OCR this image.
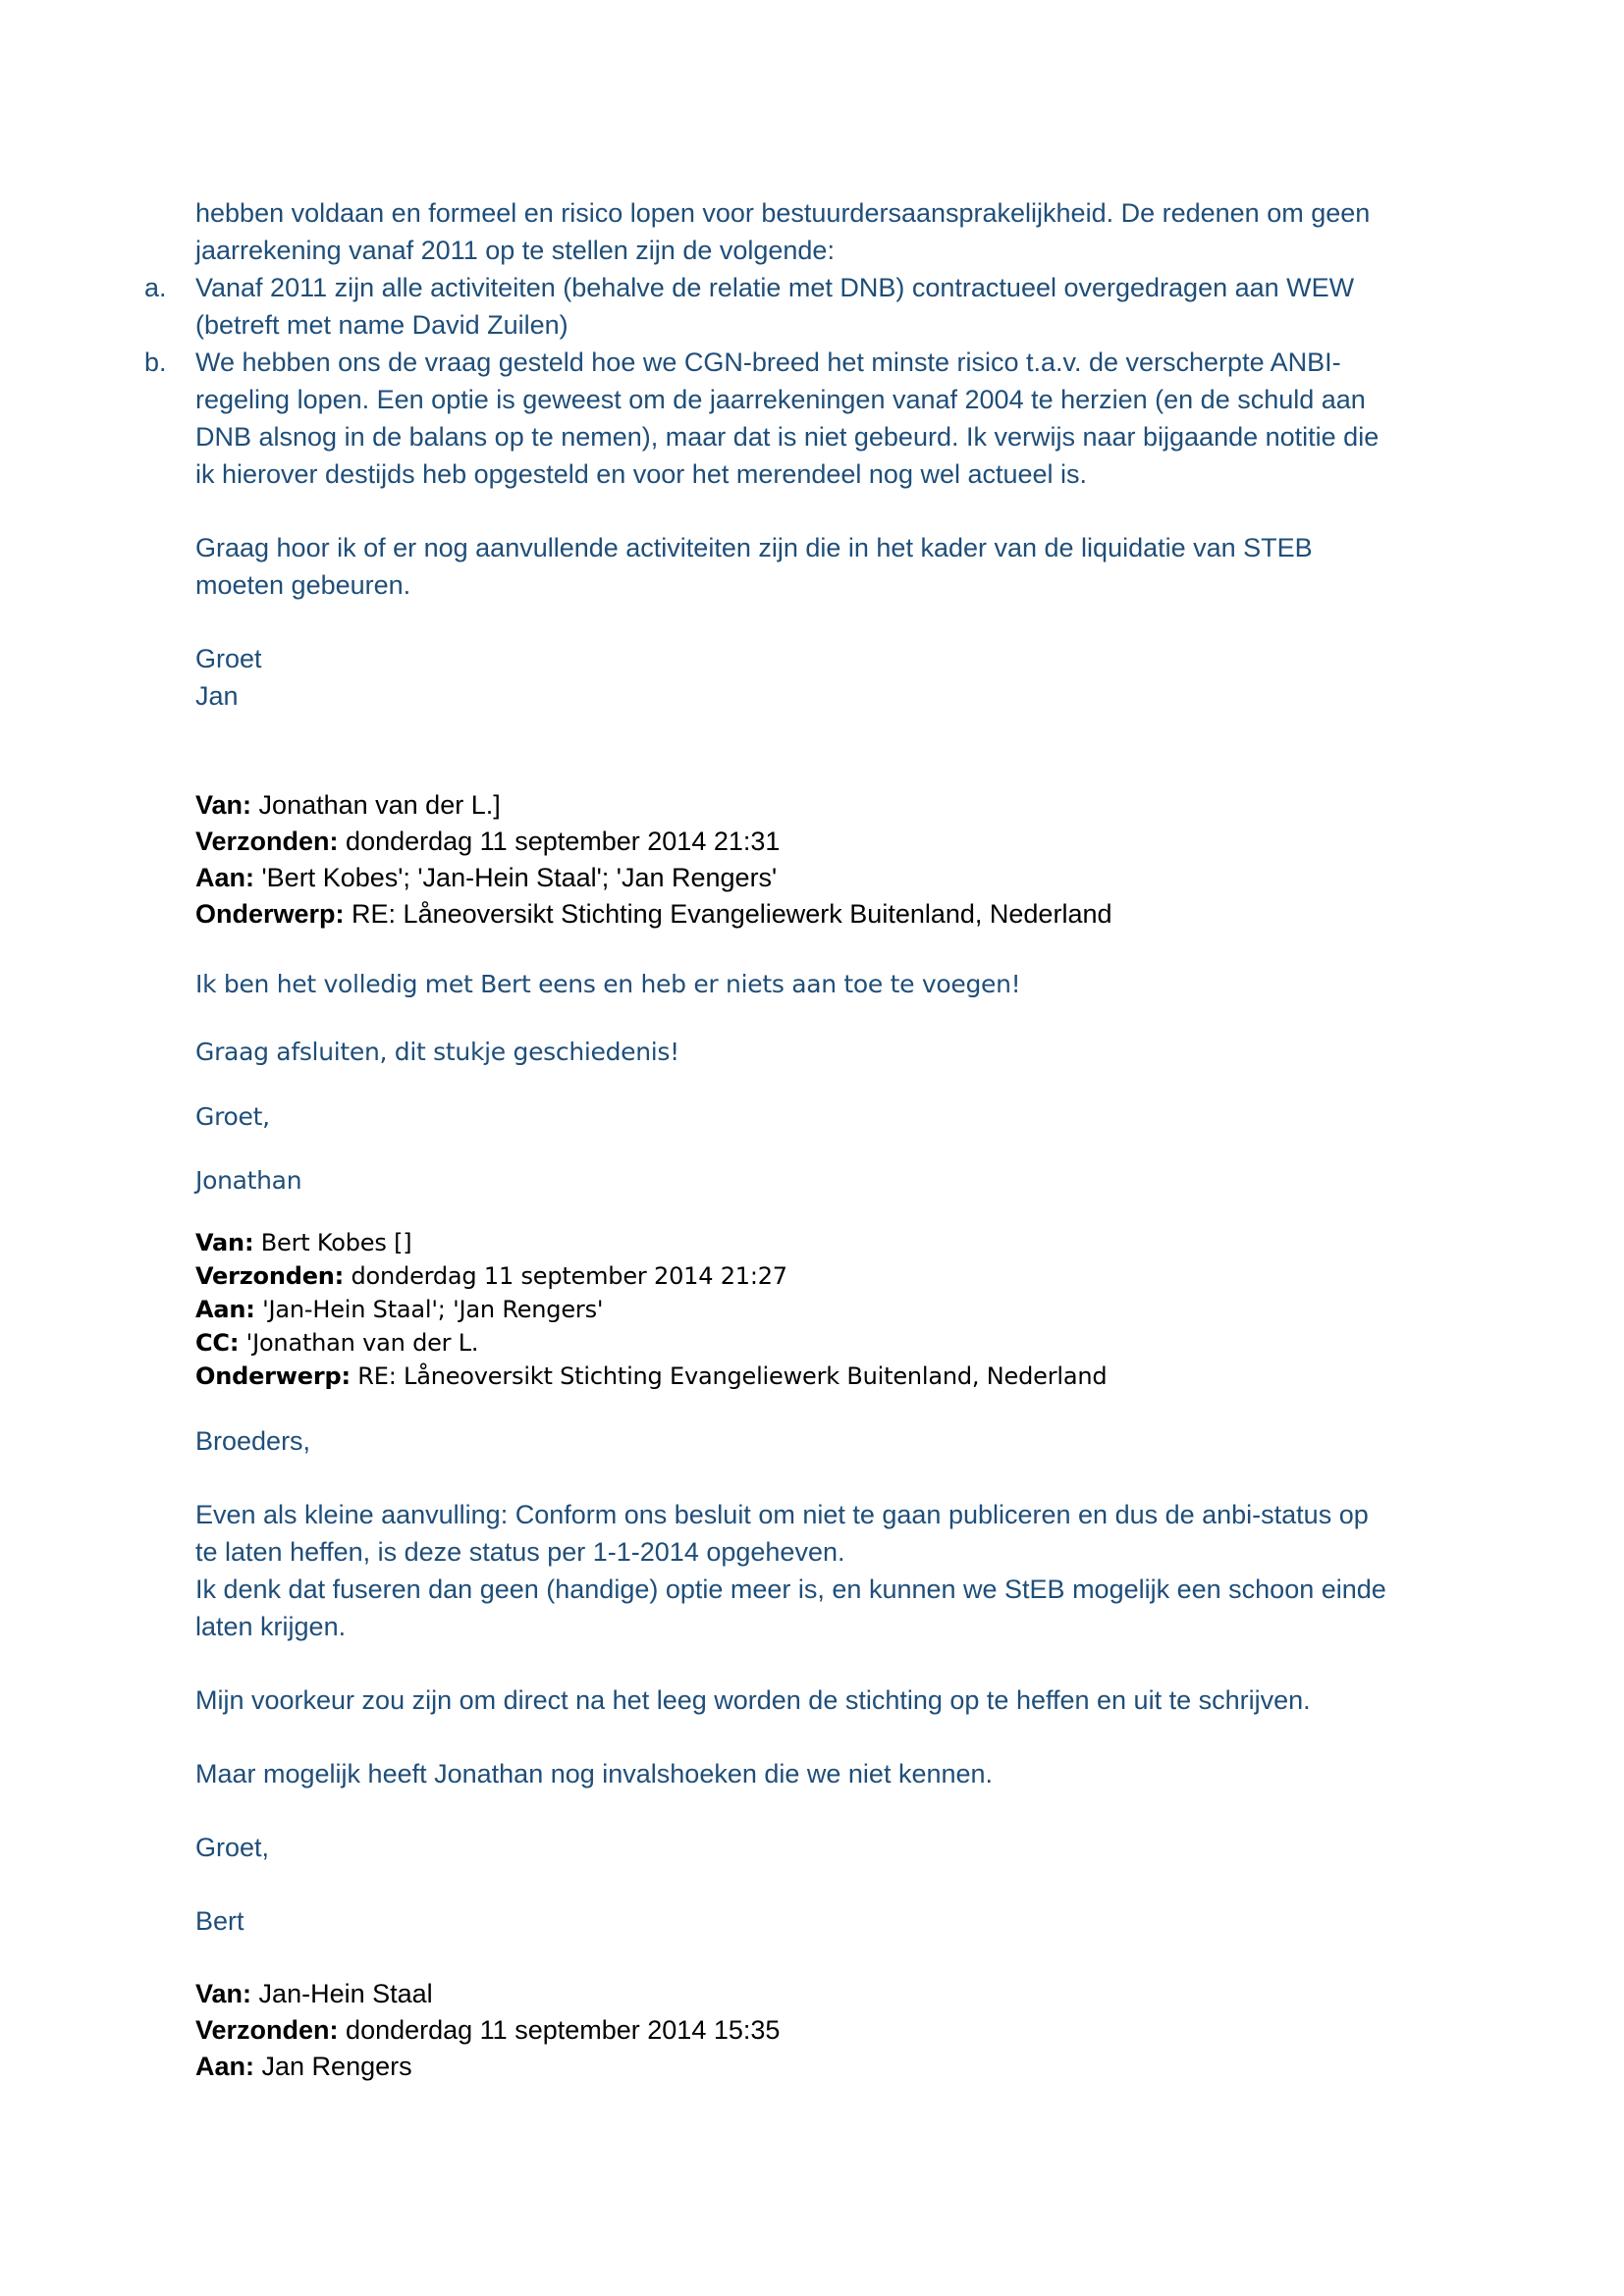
hebben voldaan en formeel en risico lopen voor bestuurdersaansprakelijkheid. De redenen om geen

jaarrekening vanaf 2011 op te stellen zijn de volgende:

a. Vanaf 2011 zijn alle activiteiten (behalve de relatie met DNB) contractueel overgedragen aan WEW

(betreft met name David Zuilen)

b. We hebben ons de vraag gesteld hoe we CGN-breed het minste risico t.a.v. de verscherpte ANBI-

regeling lopen. Een optie is geweest om de jaarrekeningen vanaf 2004 te herzien (en de schuld aan

DNB alsnog in de balans op te nemen), maar dat is niet gebeurd. Ik verwijs naar bijgaande notitie die

ik hierover destijds heb opgesteld en voor het merendeel nog wel actueel is.

Graag hoor ik of er nog aanvullende activiteiten zijn die in het kader van de liquidatie van STEB

moeten gebeuren.

Groet

Jan

Van: Jonathan van der L.]

Verzonden: donderdag 11 september 2014 21:31

Aan: 'Bert Kobes'; 'Jan-Hein Staal'; 'Jan Rengers'

Onderwerp: RE: Låneoversikt Stichting Evangeliewerk Buitenland, Nederland

Ik ben het volledig met Bert eens en heb er niets aan toe te voegen!

Graag afsluiten, dit stukje geschiedenis!

Groet,

Jonathan

Van: Bert Kobes []

Verzonden: donderdag 11 september 2014 21:27

Aan: 'Jan-Hein Staal'; 'Jan Rengers'

CC: 'Jonathan van der L.

Onderwerp: RE: Låneoversikt Stichting Evangeliewerk Buitenland, Nederland

Broeders,

Even als kleine aanvulling: Conform ons besluit om niet te gaan publiceren en dus de anbi-status op

te laten heffen, is deze status per 1-1-2014 opgeheven.

Ik denk dat fuseren dan geen (handige) optie meer is, en kunnen we StEB mogelijk een schoon einde

laten krijgen.

Mijn voorkeur zou zijn om direct na het leeg worden de stichting op te heffen en uit te schrijven.

Maar mogelijk heeft Jonathan nog invalshoeken die we niet kennen.

Groet,

Bert

Van: Jan-Hein Staal

Verzonden: donderdag 11 september 2014 15:35

Aan: Jan Rengers
